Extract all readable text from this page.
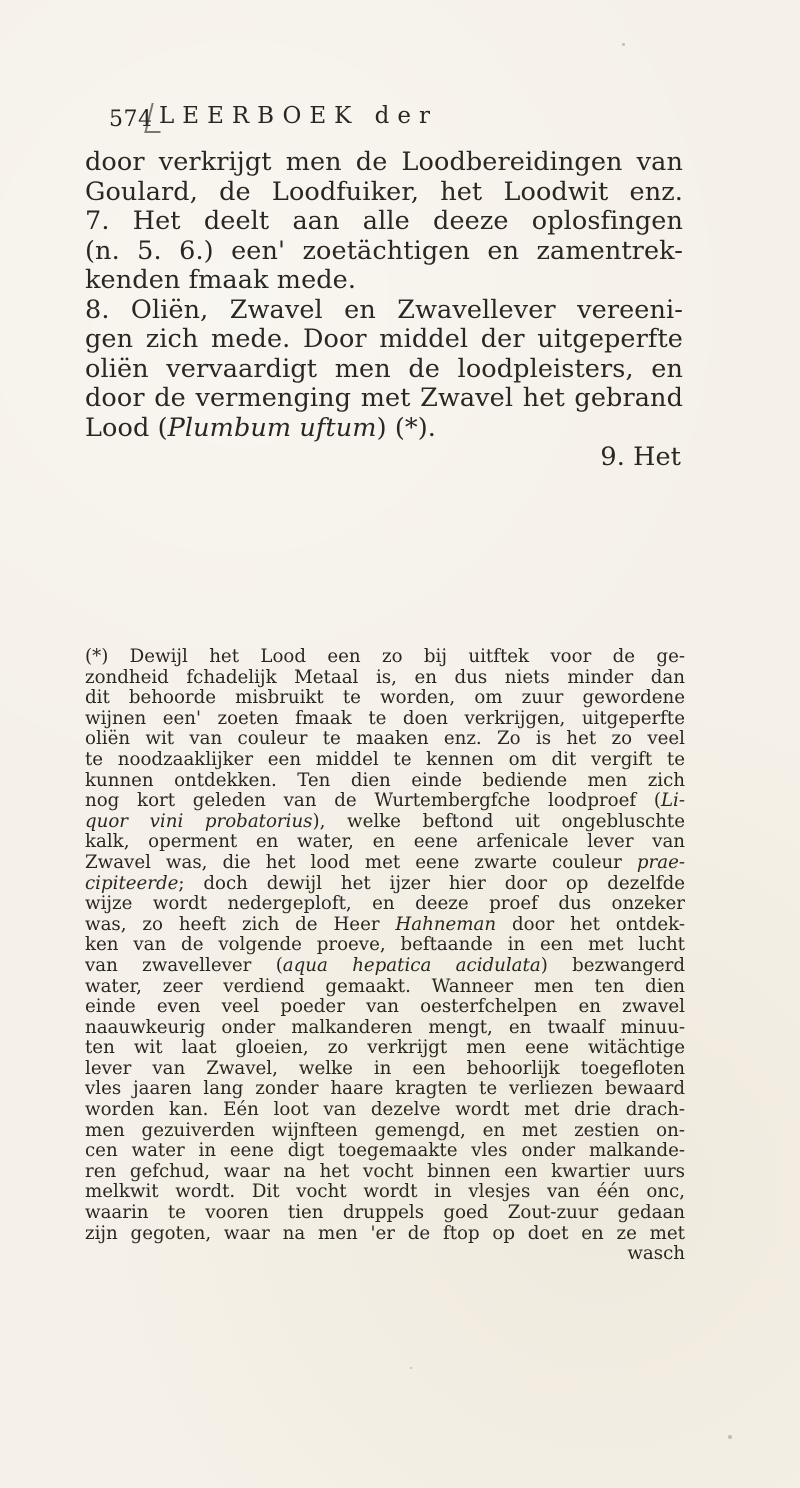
574 LEERBOEK der

door verkrijgt men de Loodbereidingen van

Goulard, de Loodfuiker, het Loodwit enz.

7. Het deelt aan alle deeze oplosfingen

(n. 5. 6.) een' zoetächtigen en zamentrek-

kenden fmaak mede.

8. Oliën, Zwavel en Zwavellever vereeni-

gen zich mede. Door middel der uitgeperfte

oliën vervaardigt men de loodpleisters, en

door de vermenging met Zwavel het gebrand

Lood (Plumbum uftum) (*).

9. Het

(*) Dewijl het Lood een zo bij uitftek voor de ge-

zondheid fchadelijk Metaal is, en dus niets minder dan

dit behoorde misbruikt te worden, om zuur gewordene

wijnen een' zoeten fmaak te doen verkrijgen, uitgeperfte

oliën wit van couleur te maaken enz. Zo is het zo veel

te noodzaaklijker een middel te kennen om dit vergift te

kunnen ontdekken. Ten dien einde bediende men zich

nog kort geleden van de Wurtembergfche loodproef (Li-

quor vini probatorius), welke beftond uit ongebluschte

kalk, operment en water, en eene arfenicale lever van

Zwavel was, die het lood met eene zwarte couleur prae-

cipiteerde; doch dewijl het ijzer hier door op dezelfde

wijze wordt nedergeploft, en deeze proef dus onzeker

was, zo heeft zich de Heer Hahneman door het ontdek-

ken van de volgende proeve, beftaande in een met lucht

van zwavellever (aqua hepatica acidulata) bezwangerd

water, zeer verdiend gemaakt. Wanneer men ten dien

einde even veel poeder van oesterfchelpen en zwavel

naauwkeurig onder malkanderen mengt, en twaalf minuu-

ten wit laat gloeien, zo verkrijgt men eene witächtige

lever van Zwavel, welke in een behoorlijk toegefloten

vles jaaren lang zonder haare kragten te verliezen bewaard

worden kan. Eén loot van dezelve wordt met drie drach-

men gezuiverden wijnfteen gemengd, en met zestien on-

cen water in eene digt toegemaakte vles onder malkande-

ren gefchud, waar na het vocht binnen een kwartier uurs

melkwit wordt. Dit vocht wordt in vlesjes van één onc,

waarin te vooren tien druppels goed Zout-zuur gedaan

zijn gegoten, waar na men 'er de ftop op doet en ze met

wasch
